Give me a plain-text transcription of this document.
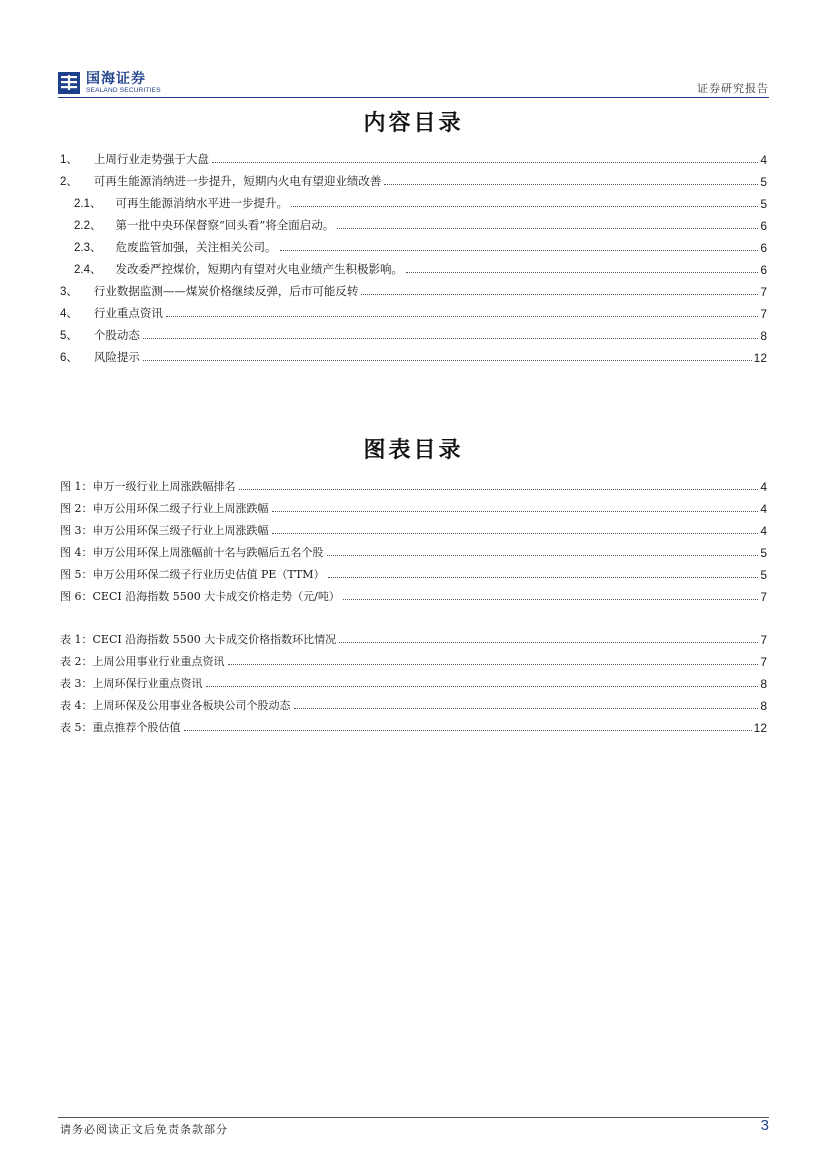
国海证券
SEALAND SECURITIES	证券研究报告
内容目录
1、 上周行业走势强于大盘	4
2、 可再生能源消纳进一步提升，短期内火电有望迎业绩改善	5
2.1、 可再生能源消纳水平进一步提升。	5
2.2、 第一批中央环保督察“回头看”将全面启动。	6
2.3、 危废监管加强，关注相关公司。	6
2.4、 发改委严控煤价，短期内有望对火电业绩产生积极影响。	6
3、 行业数据监测——煤炭价格继续反弹，后市可能反转	7
4、 行业重点资讯	7
5、 个股动态	8
6、 风险提示	12
图表目录
图 1：申万一级行业上周涨跌幅排名	4
图 2：申万公用环保二级子行业上周涨跌幅	4
图 3：申万公用环保三级子行业上周涨跌幅	4
图 4：申万公用环保上周涨幅前十名与跌幅后五名个股	5
图 5：申万公用环保二级子行业历史估值 PE（TTM）	5
图 6：CECI 沿海指数 5500 大卡成交价格走势（元/吨）	7
表 1：CECI 沿海指数 5500 大卡成交价格指数环比情况	7
表 2：上周公用事业行业重点资讯	7
表 3：上周环保行业重点资讯	8
表 4：上周环保及公用事业各板块公司个股动态	8
表 5：重点推荐个股估值	12
请务必阅读正文后免责条款部分	3
